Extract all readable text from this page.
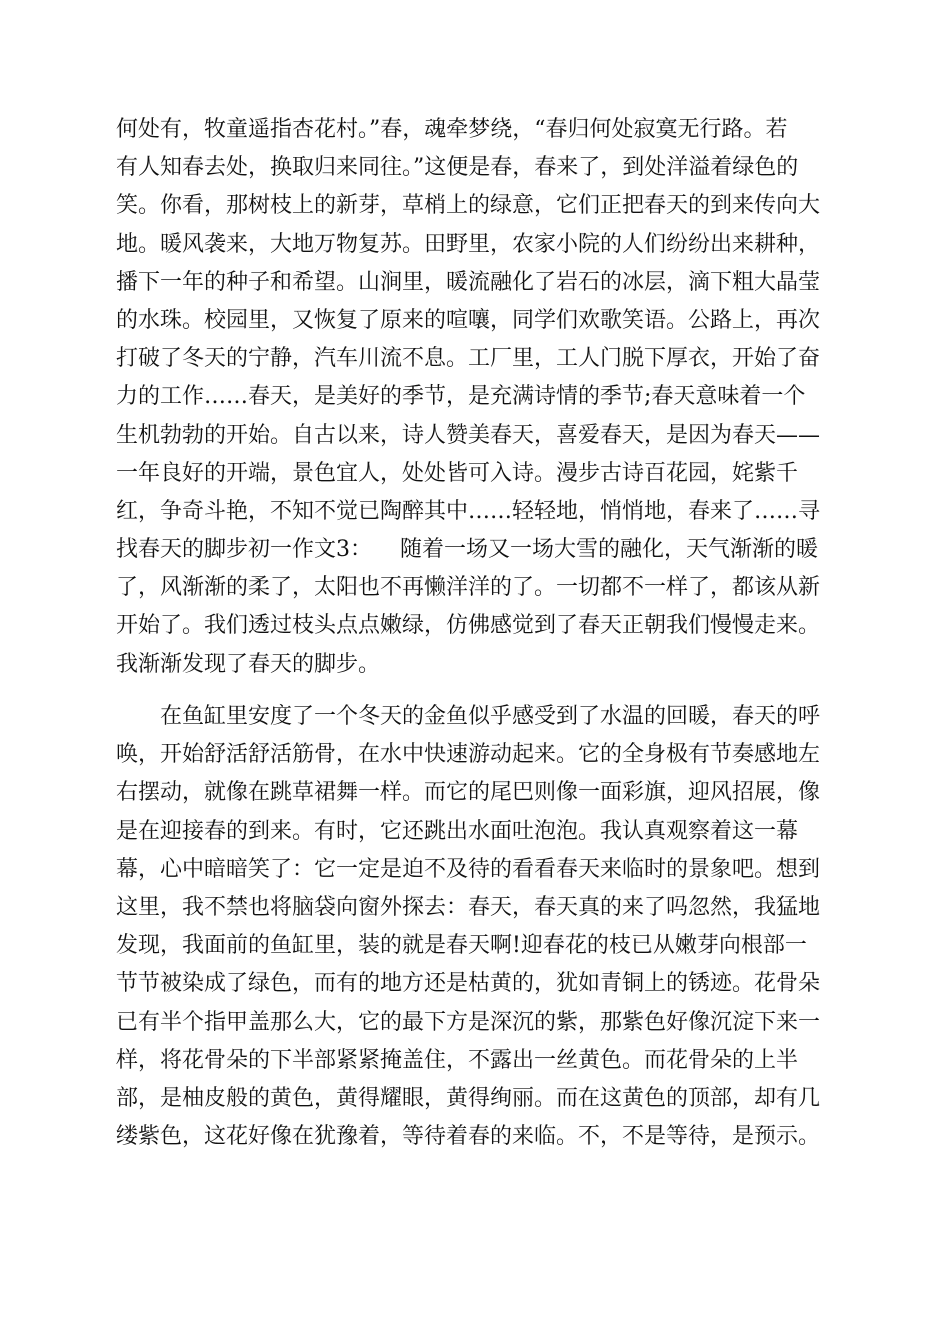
何处有，牧童遥指杏花村。”春，魂牵梦绕，“春归何处寂寞无行路。若
有人知春去处，换取归来同往。”这便是春，春来了，到处洋溢着绿色的
笑。你看，那树枝上的新芽，草梢上的绿意，它们正把春天的到来传向大
地。暖风袭来，大地万物复苏。田野里，农家小院的人们纷纷出来耕种，
播下一年的种子和希望。山涧里，暖流融化了岩石的冰层，滴下粗大晶莹
的水珠。校园里，又恢复了原来的喧嚷，同学们欢歌笑语。公路上，再次
打破了冬天的宁静，汽车川流不息。工厂里，工人门脱下厚衣，开始了奋
力的工作……春天，是美好的季节，是充满诗情的季节;春天意味着一个
生机勃勃的开始。自古以来，诗人赞美春天，喜爱春天，是因为春天——
一年良好的开端，景色宜人，处处皆可入诗。漫步古诗百花园，姹紫千
红，争奇斗艳，不知不觉已陶醉其中……轻轻地，悄悄地，春来了……寻
找春天的脚步初一作文3：    随着一场又一场大雪的融化，天气渐渐的暖
了，风渐渐的柔了，太阳也不再懒洋洋的了。一切都不一样了，都该从新
开始了。我们透过枝头点点嫩绿，仿佛感觉到了春天正朝我们慢慢走来。
我渐渐发现了春天的脚步。
　　在鱼缸里安度了一个冬天的金鱼似乎感受到了水温的回暖，春天的呼
唤，开始舒活舒活筋骨，在水中快速游动起来。它的全身极有节奏感地左
右摆动，就像在跳草裙舞一样。而它的尾巴则像一面彩旗，迎风招展，像
是在迎接春的到来。有时，它还跳出水面吐泡泡。我认真观察着这一幕
幕，心中暗暗笑了：它一定是迫不及待的看看春天来临时的景象吧。想到
这里，我不禁也将脑袋向窗外探去：春天，春天真的来了吗忽然，我猛地
发现，我面前的鱼缸里，装的就是春天啊!迎春花的枝已从嫩芽向根部一
节节被染成了绿色，而有的地方还是枯黄的，犹如青铜上的锈迹。花骨朵
已有半个指甲盖那么大，它的最下方是深沉的紫，那紫色好像沉淀下来一
样，将花骨朵的下半部紧紧掩盖住，不露出一丝黄色。而花骨朵的上半
部，是柚皮般的黄色，黄得耀眼，黄得绚丽。而在这黄色的顶部，却有几
缕紫色，这花好像在犹豫着，等待着春的来临。不，不是等待，是预示。
